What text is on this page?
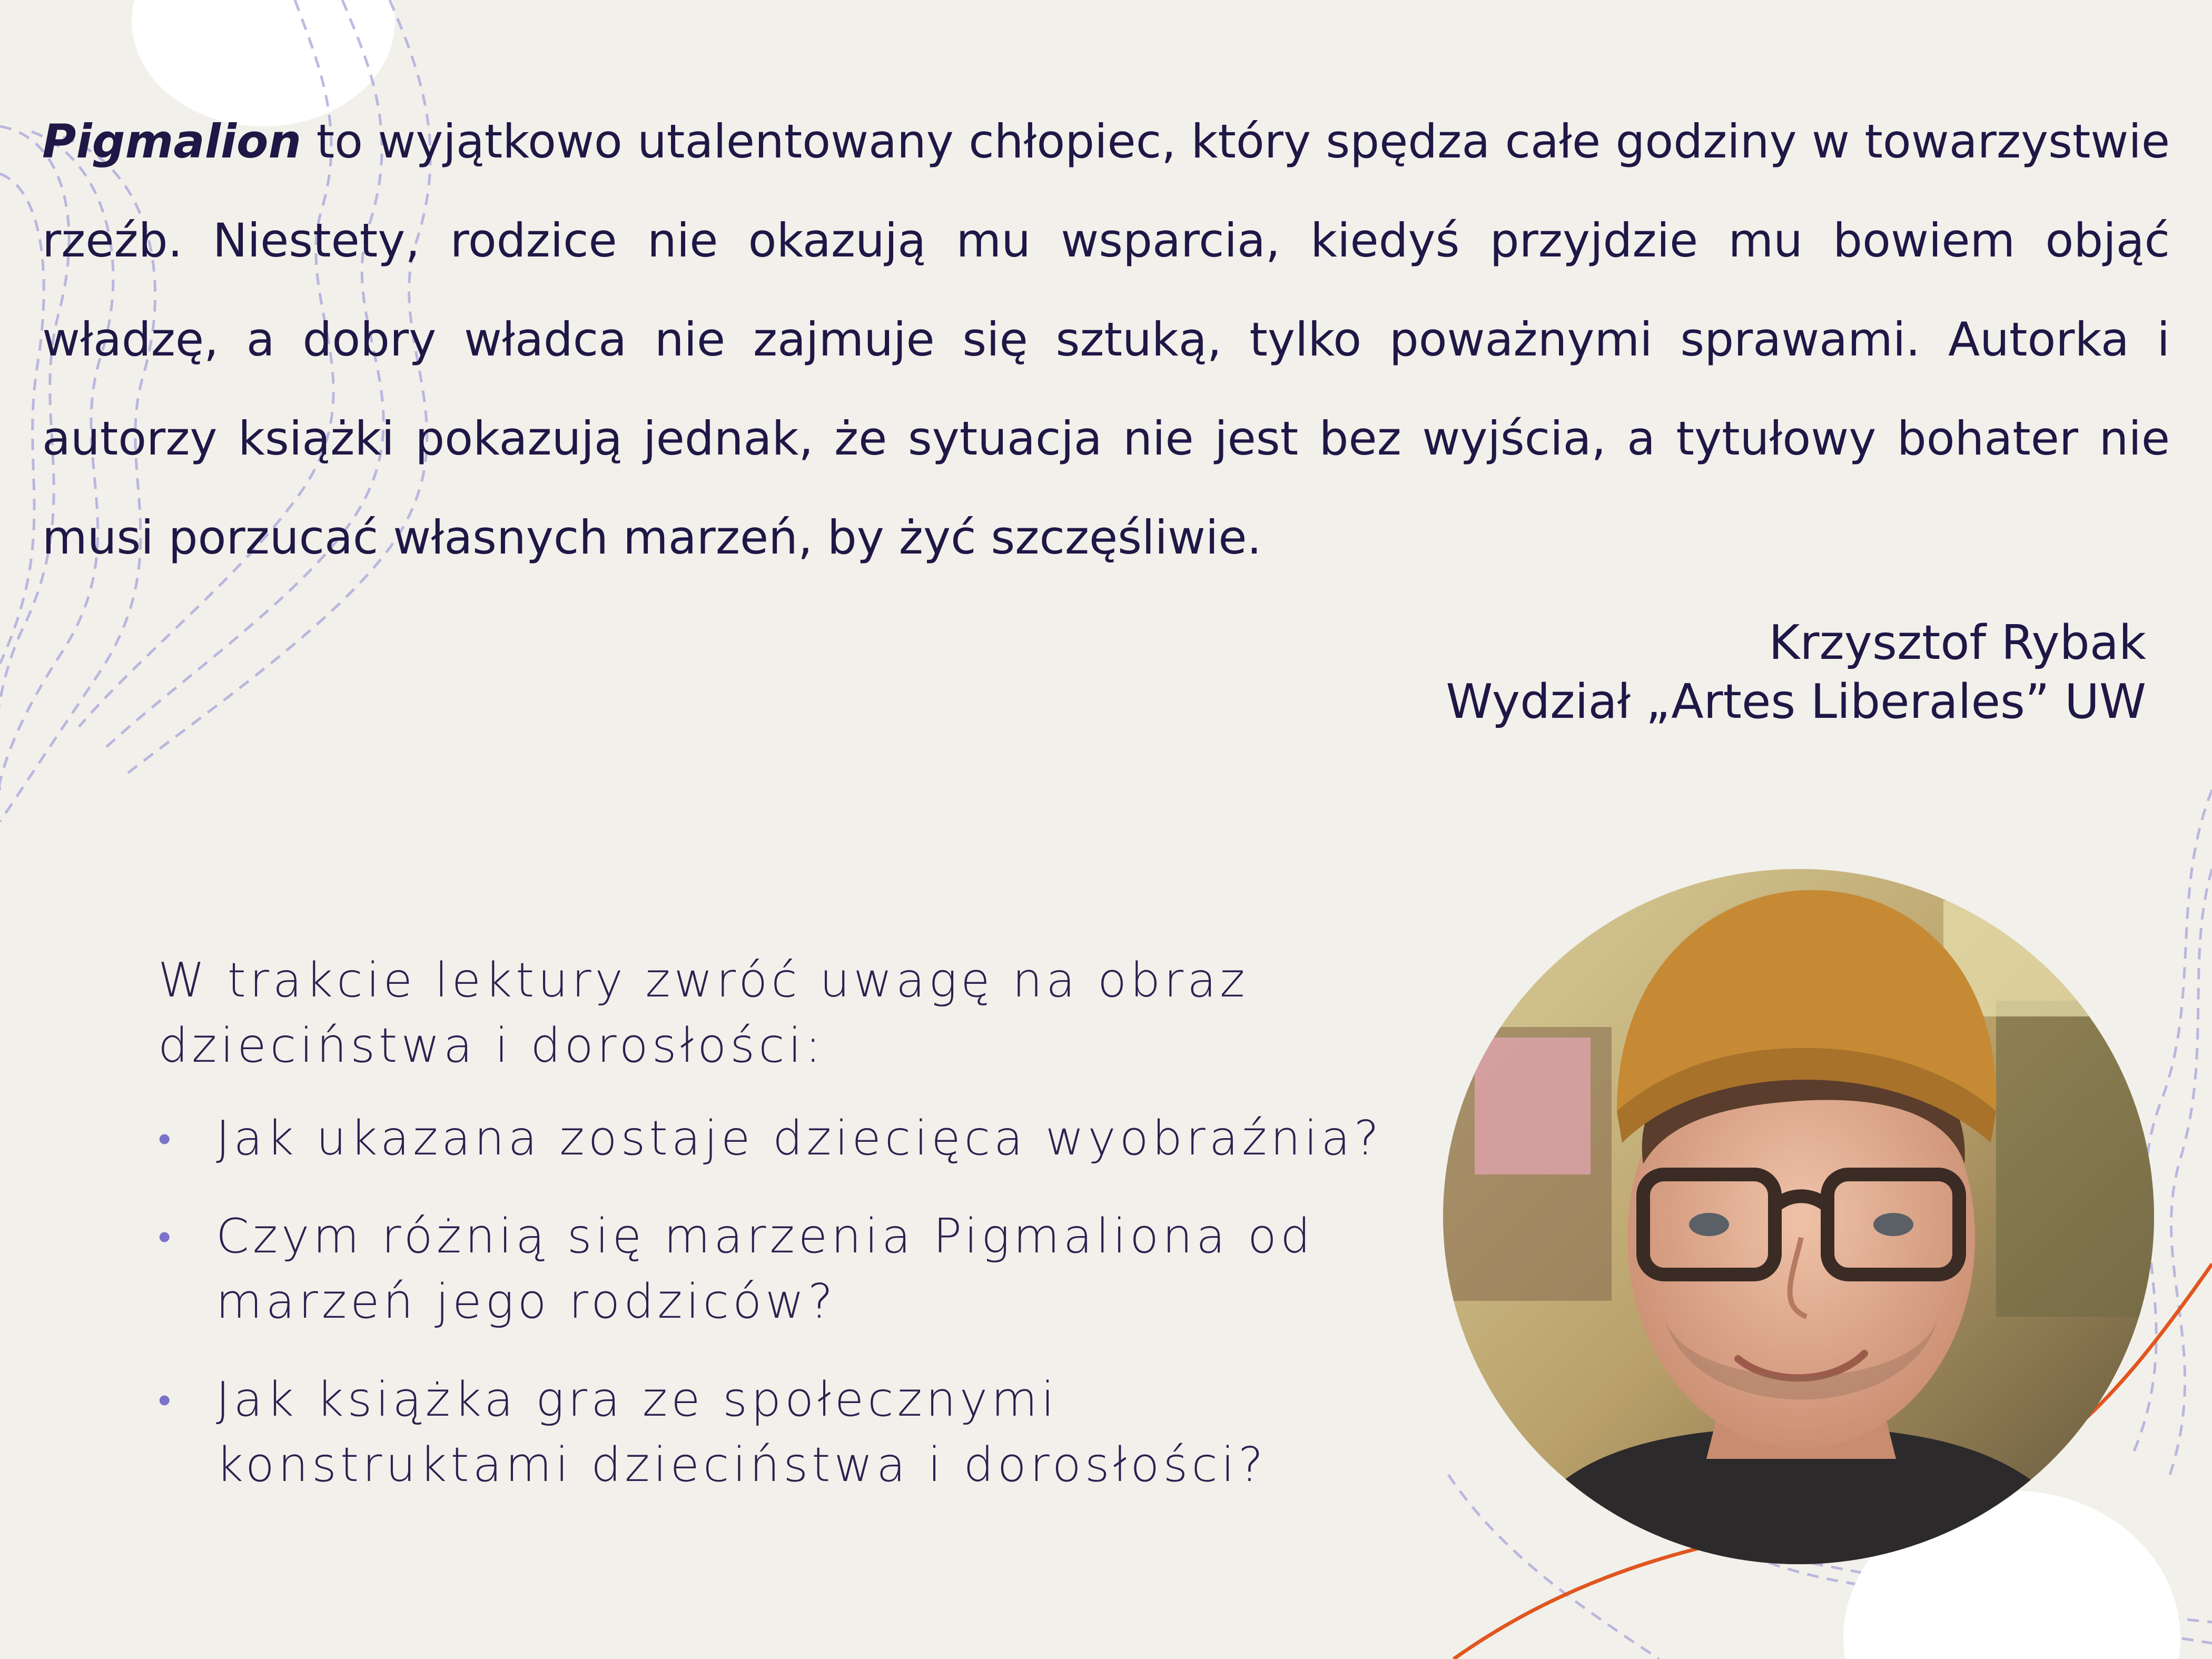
Pigmalion to wyjątkowo utalentowany chłopiec, który spędza całe godziny w towarzystwie rzeźb. Niestety, rodzice nie okazują mu wsparcia, kiedyś przyjdzie mu bowiem objąć władzę, a dobry władca nie zajmuje się sztuką, tylko poważnymi sprawami. Autorka i autorzy książki pokazują jednak, że sytuacja nie jest bez wyjścia, a tytułowy bohater nie musi porzucać własnych marzeń, by żyć szczęśliwie.
Krzysztof Rybak
Wydział „Artes Liberales” UW
W trakcie lektury zwróć uwagę na obraz dzieciństwa i dorosłości:
• Jak ukazana zostaje dziecięca wyobraźnia?
• Czym różnią się marzenia Pigmaliona od marzeń jego rodziców?
• Jak książka gra ze społecznymi konstruktami dzieciństwa i dorosłości?
